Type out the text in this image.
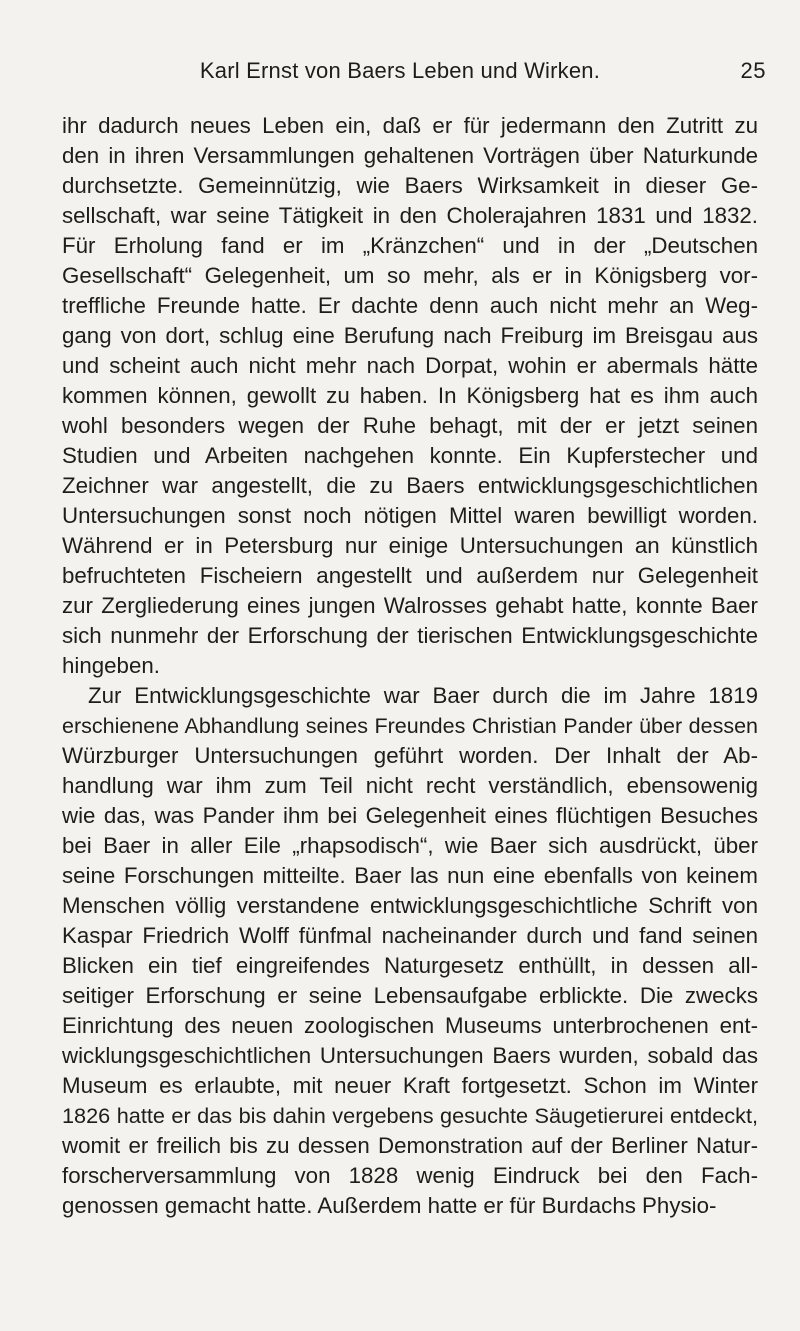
Karl Ernst von Baers Leben und Wirken.	25
ihr dadurch neues Leben ein, daß er für jedermann den Zutritt zu
den in ihren Versammlungen gehaltenen Vorträgen über Naturkunde
durchsetzte. Gemeinnützig, wie Baers Wirksamkeit in dieser Ge-
sellschaft, war seine Tätigkeit in den Cholerajahren 1831 und 1832.
Für Erholung fand er im „Kränzchen“ und in der „Deutschen
Gesellschaft“ Gelegenheit, um so mehr, als er in Königsberg vor-
treffliche Freunde hatte. Er dachte denn auch nicht mehr an Weg-
gang von dort, schlug eine Berufung nach Freiburg im Breisgau aus
und scheint auch nicht mehr nach Dorpat, wohin er abermals hätte
kommen können, gewollt zu haben. In Königsberg hat es ihm auch
wohl besonders wegen der Ruhe behagt, mit der er jetzt seinen
Studien und Arbeiten nachgehen konnte. Ein Kupferstecher und
Zeichner war angestellt, die zu Baers entwicklungsgeschichtlichen
Untersuchungen sonst noch nötigen Mittel waren bewilligt worden.
Während er in Petersburg nur einige Untersuchungen an künstlich
befruchteten Fischeiern angestellt und außerdem nur Gelegenheit
zur Zergliederung eines jungen Walrosses gehabt hatte, konnte Baer
sich nunmehr der Erforschung der tierischen Entwicklungsgeschichte
hingeben.
Zur Entwicklungsgeschichte war Baer durch die im Jahre 1819
erschienene Abhandlung seines Freundes Christian Pander über dessen
Würzburger Untersuchungen geführt worden. Der Inhalt der Ab-
handlung war ihm zum Teil nicht recht verständlich, ebensowenig
wie das, was Pander ihm bei Gelegenheit eines flüchtigen Besuches
bei Baer in aller Eile „rhapsodisch“, wie Baer sich ausdrückt, über
seine Forschungen mitteilte. Baer las nun eine ebenfalls von keinem
Menschen völlig verstandene entwicklungsgeschichtliche Schrift von
Kaspar Friedrich Wolff fünfmal nacheinander durch und fand seinen
Blicken ein tief eingreifendes Naturgesetz enthüllt, in dessen all-
seitiger Erforschung er seine Lebensaufgabe erblickte. Die zwecks
Einrichtung des neuen zoologischen Museums unterbrochenen ent-
wicklungsgeschichtlichen Untersuchungen Baers wurden, sobald das
Museum es erlaubte, mit neuer Kraft fortgesetzt. Schon im Winter
1826 hatte er das bis dahin vergebens gesuchte Säugetierurei entdeckt,
womit er freilich bis zu dessen Demonstration auf der Berliner Natur-
forscherversammlung von 1828 wenig Eindruck bei den Fach-
genossen gemacht hatte. Außerdem hatte er für Burdachs Physio-
